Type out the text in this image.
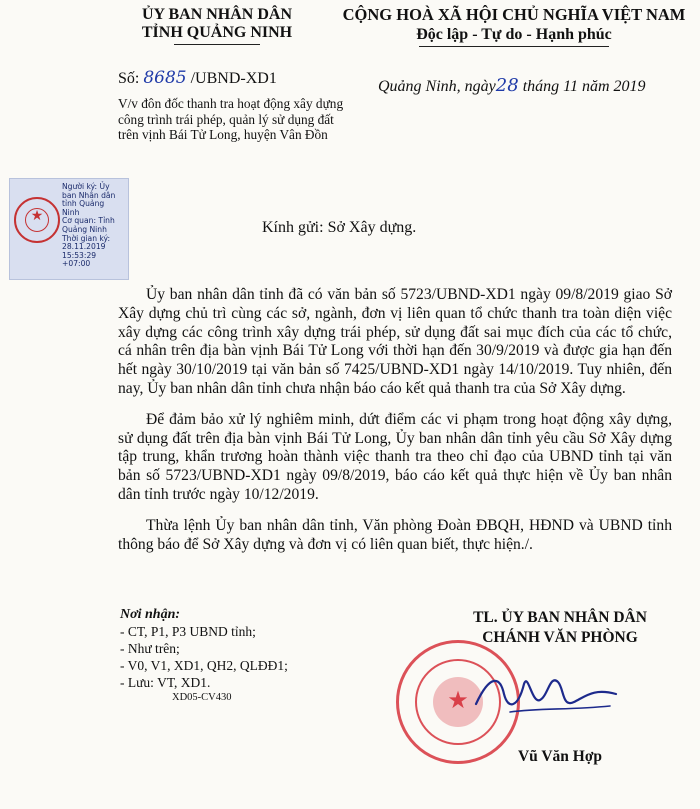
ỦY BAN NHÂN DÂN
TỈNH QUẢNG NINH
CỘNG HOÀ XÃ HỘI CHỦ NGHĨA VIỆT NAM
Độc lập - Tự do - Hạnh phúc
Số: 8685 /UBND-XD1	Quảng Ninh, ngày28 tháng 11 năm 2019
V/v đôn đốc thanh tra hoạt động xây dựng công trình trái phép, quản lý sử dụng đất trên vịnh Bái Tử Long, huyện Vân Đồn
★
Người ký: Ủy
ban Nhân dân
tỉnh Quảng
Ninh
Cơ quan: Tỉnh
Quảng Ninh
Thời gian ký:
28.11.2019
15:53:29
+07:00
Kính gửi: Sở Xây dựng.

Ủy ban nhân dân tỉnh đã có văn bản số 5723/UBND-XD1 ngày 09/8/2019 giao Sở Xây dựng chủ trì cùng các sở, ngành, đơn vị liên quan tổ chức thanh tra toàn diện việc xây dựng các công trình xây dựng trái phép, sử dụng đất sai mục đích của các tổ chức, cá nhân trên địa bàn vịnh Bái Tử Long với thời hạn đến 30/9/2019 và được gia hạn đến hết ngày 30/10/2019 tại văn bản số 7425/UBND-XD1 ngày 14/10/2019. Tuy nhiên, đến nay, Ủy ban nhân dân tỉnh chưa nhận báo cáo kết quả thanh tra của Sở Xây dựng.

Để đảm bảo xử lý nghiêm minh, dứt điểm các vi phạm trong hoạt động xây dựng, sử dụng đất trên địa bàn vịnh Bái Tử Long, Ủy ban nhân dân tỉnh yêu cầu Sở Xây dựng tập trung, khẩn trương hoàn thành việc thanh tra theo chỉ đạo của UBND tỉnh tại văn bản số 5723/UBND-XD1 ngày 09/8/2019, báo cáo kết quả thực hiện về Ủy ban nhân dân tỉnh trước ngày 10/12/2019.

Thừa lệnh Ủy ban nhân dân tỉnh, Văn phòng Đoàn ĐBQH, HĐND và UBND tỉnh thông báo để Sở Xây dựng và đơn vị có liên quan biết, thực hiện./.

Nơi nhận:
- CT, P1, P3 UBND tỉnh;
- Như trên;
- V0, V1, XD1, QH2, QLĐĐ1;
- Lưu: VT, XD1.
XD05-CV430	★
TL. ỦY BAN NHÂN DÂN
CHÁNH VĂN PHÒNG
Vũ Văn Hợp
